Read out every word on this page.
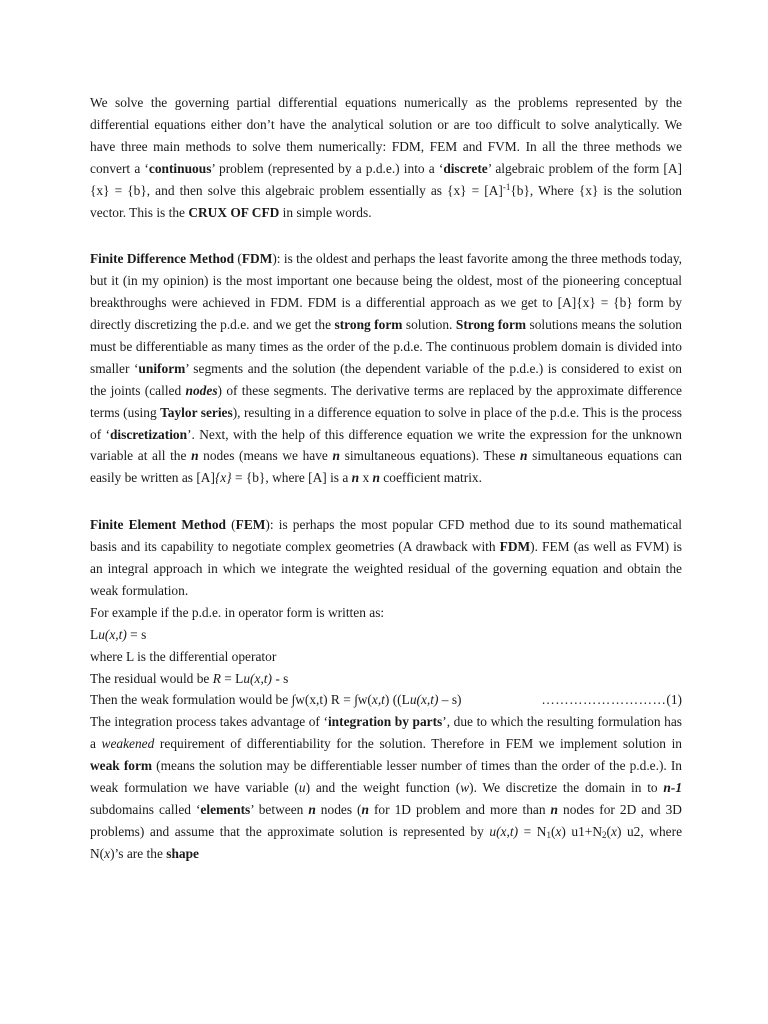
We solve the governing partial differential equations numerically as the problems represented by the differential equations either don’t have the analytical solution or are too difficult to solve analytically. We have three main methods to solve them numerically: FDM, FEM and FVM. In all the three methods we convert a ‘continuous’ problem (represented by a p.d.e.) into a ‘discrete’ algebraic problem of the form [A]{x} = {b}, and then solve this algebraic problem essentially as $\{x\} = [A]^{-1}\{b\}$, Where {x} is the solution vector. This is the CRUX OF CFD in simple words.

Finite Difference Method (FDM): is the oldest and perhaps the least favorite among the three methods today, but it (in my opinion) is the most important one because being the oldest, most of the pioneering conceptual breakthroughs were achieved in FDM. FDM is a differential approach as we get to [A]{x} = {b} form by directly discretizing the p.d.e. and we get the strong form solution. Strong form solutions means the solution must be differentiable as many times as the order of the p.d.e. The continuous problem domain is divided into smaller ‘uniform’ segments and the solution (the dependent variable of the p.d.e.) is considered to exist on the joints (called nodes) of these segments. The derivative terms are replaced by the approximate difference terms (using Taylor series), resulting in a difference equation to solve in place of the p.d.e. This is the process of ‘discretization’. Next, with the help of this difference equation we write the expression for the unknown variable at all the n nodes (means we have n simultaneous equations). These n simultaneous equations can easily be written as [A]{x} = {b}, where [A] is a n x n coefficient matrix.

Finite Element Method (FEM): is perhaps the most popular CFD method due to its sound mathematical basis and its capability to negotiate complex geometries (A drawback with FDM). FEM (as well as FVM) is an integral approach in which we integrate the weighted residual of the governing equation and obtain the weak formulation.

For example if the p.d.e. in operator form is written as:

Lu(x,t) = s

where L is the differential operator

The residual would be R = Lu(x,t) - s

Then the weak formulation would be ∫w(x,t) R = ∫w(x,t) ((Lu(x,t) – s)	………………………(1)

The integration process takes advantage of ‘integration by parts’, due to which the resulting formulation has a weakened requirement of differentiability for the solution. Therefore in FEM we implement solution in weak form (means the solution may be differentiable lesser number of times than the order of the p.d.e.). In weak formulation we have variable (u) and the weight function (w). We discretize the domain in to n-1 subdomains called ‘elements’ between n nodes (n for 1D problem and more than n nodes for 2D and 3D problems) and assume that the approximate solution is represented by $u(x,t) = N_1(x)$ $u1+N_2(x)$ u2, where N(x)’s are the shape
